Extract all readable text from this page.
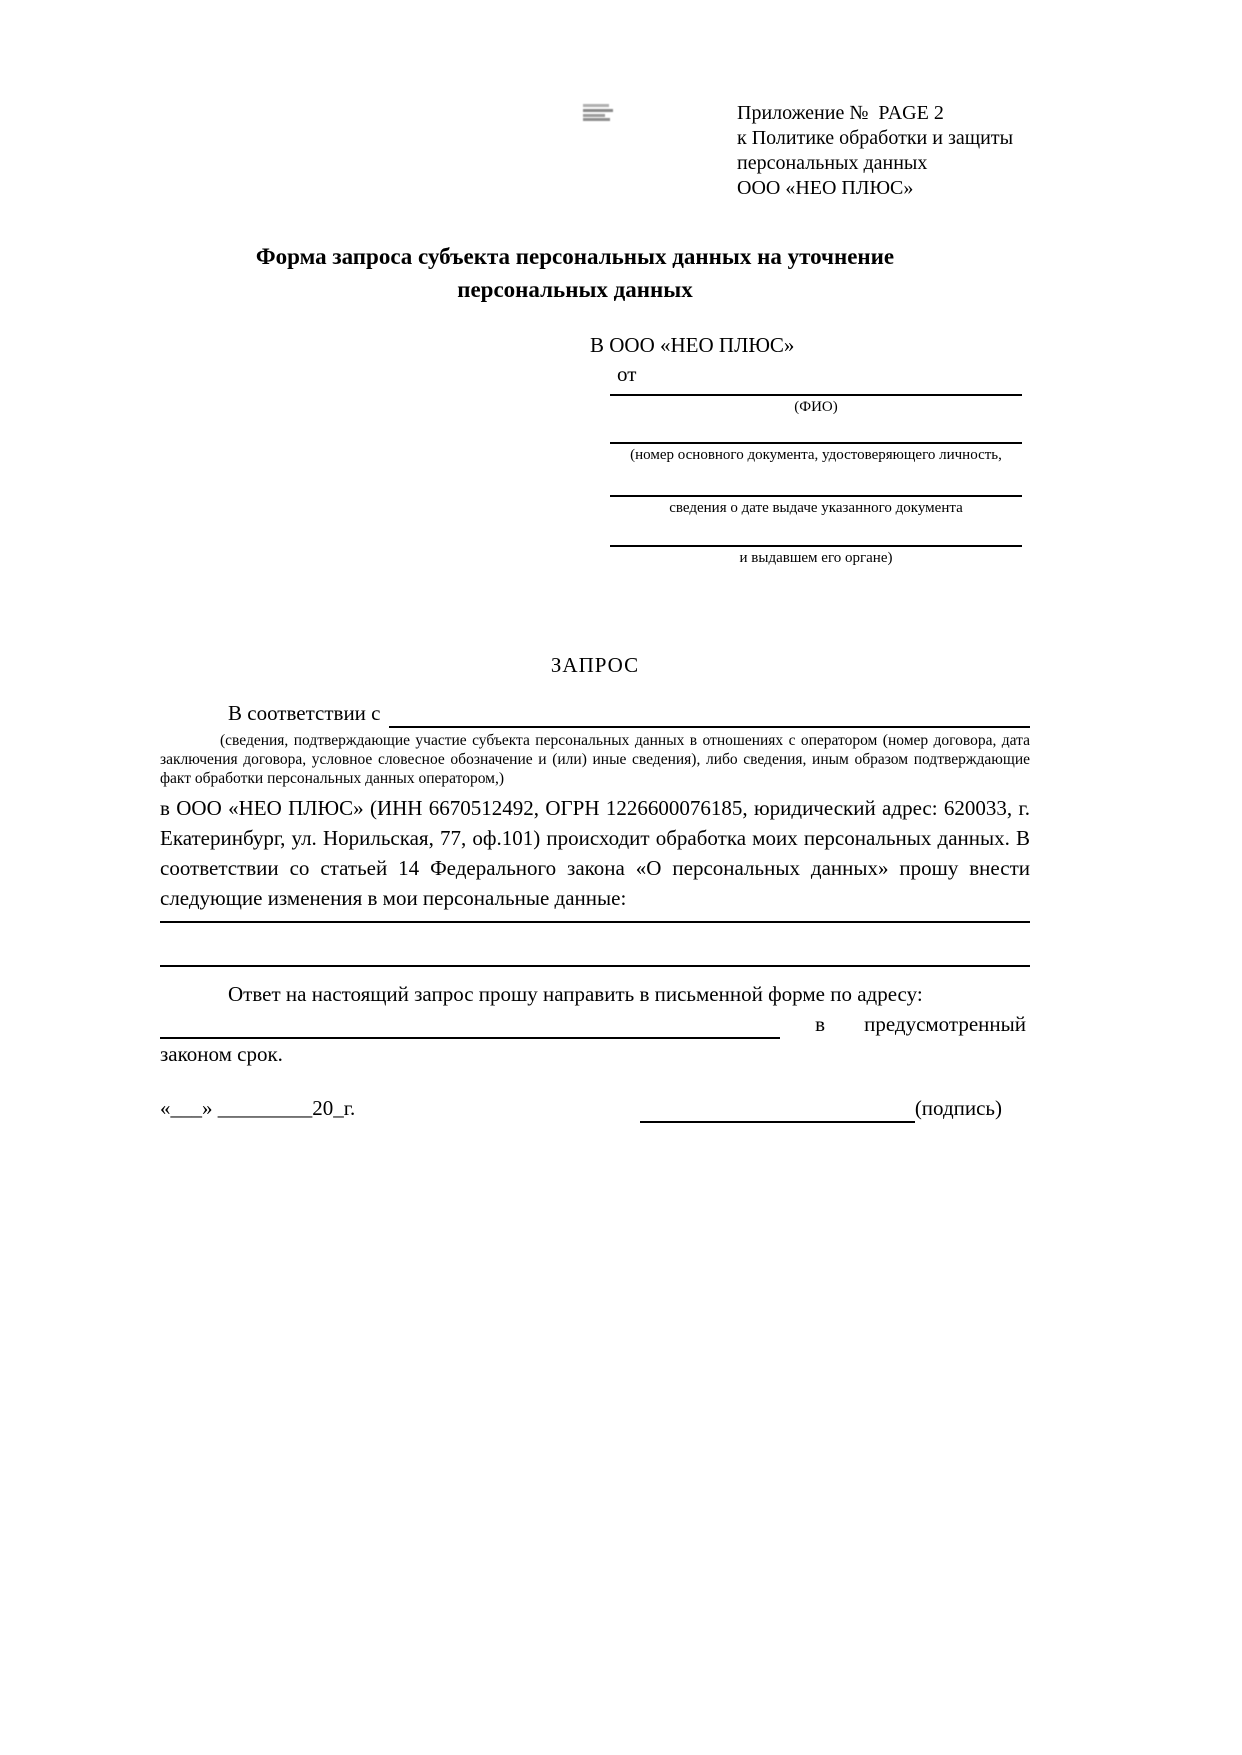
Приложение №  PAGE 2
к Политике обработки и защиты
персональных данных
ООО «НЕО ПЛЮС»
Форма запроса субъекта персональных данных на уточнение персональных данных
В ООО «НЕО ПЛЮС»
от
(ФИО)
(номер основного документа, удостоверяющего личность,
сведения о дате выдаче указанного документа
и выдавшем его органе)
ЗАПРОС
В соответствии с
(сведения, подтверждающие участие субъекта персональных данных в отношениях с оператором (номер договора, дата заключения договора, условное словесное обозначение и (или) иные сведения), либо сведения, иным образом подтверждающие факт обработки персональных данных оператором,)
в ООО «НЕО ПЛЮС» (ИНН 6670512492, ОГРН 1226600076185, юридический адрес: 620033, г. Екатеринбург, ул. Норильская, 77, оф.101) происходит обработка моих персональных данных. В соответствии со статьей 14 Федерального закона «О персональных данных» прошу внести следующие изменения в мои персональные данные:
Ответ на настоящий запрос прошу направить в письменной форме по адресу:
в предусмотренный
законом срок.
«___» _________20_г.	(подпись)
